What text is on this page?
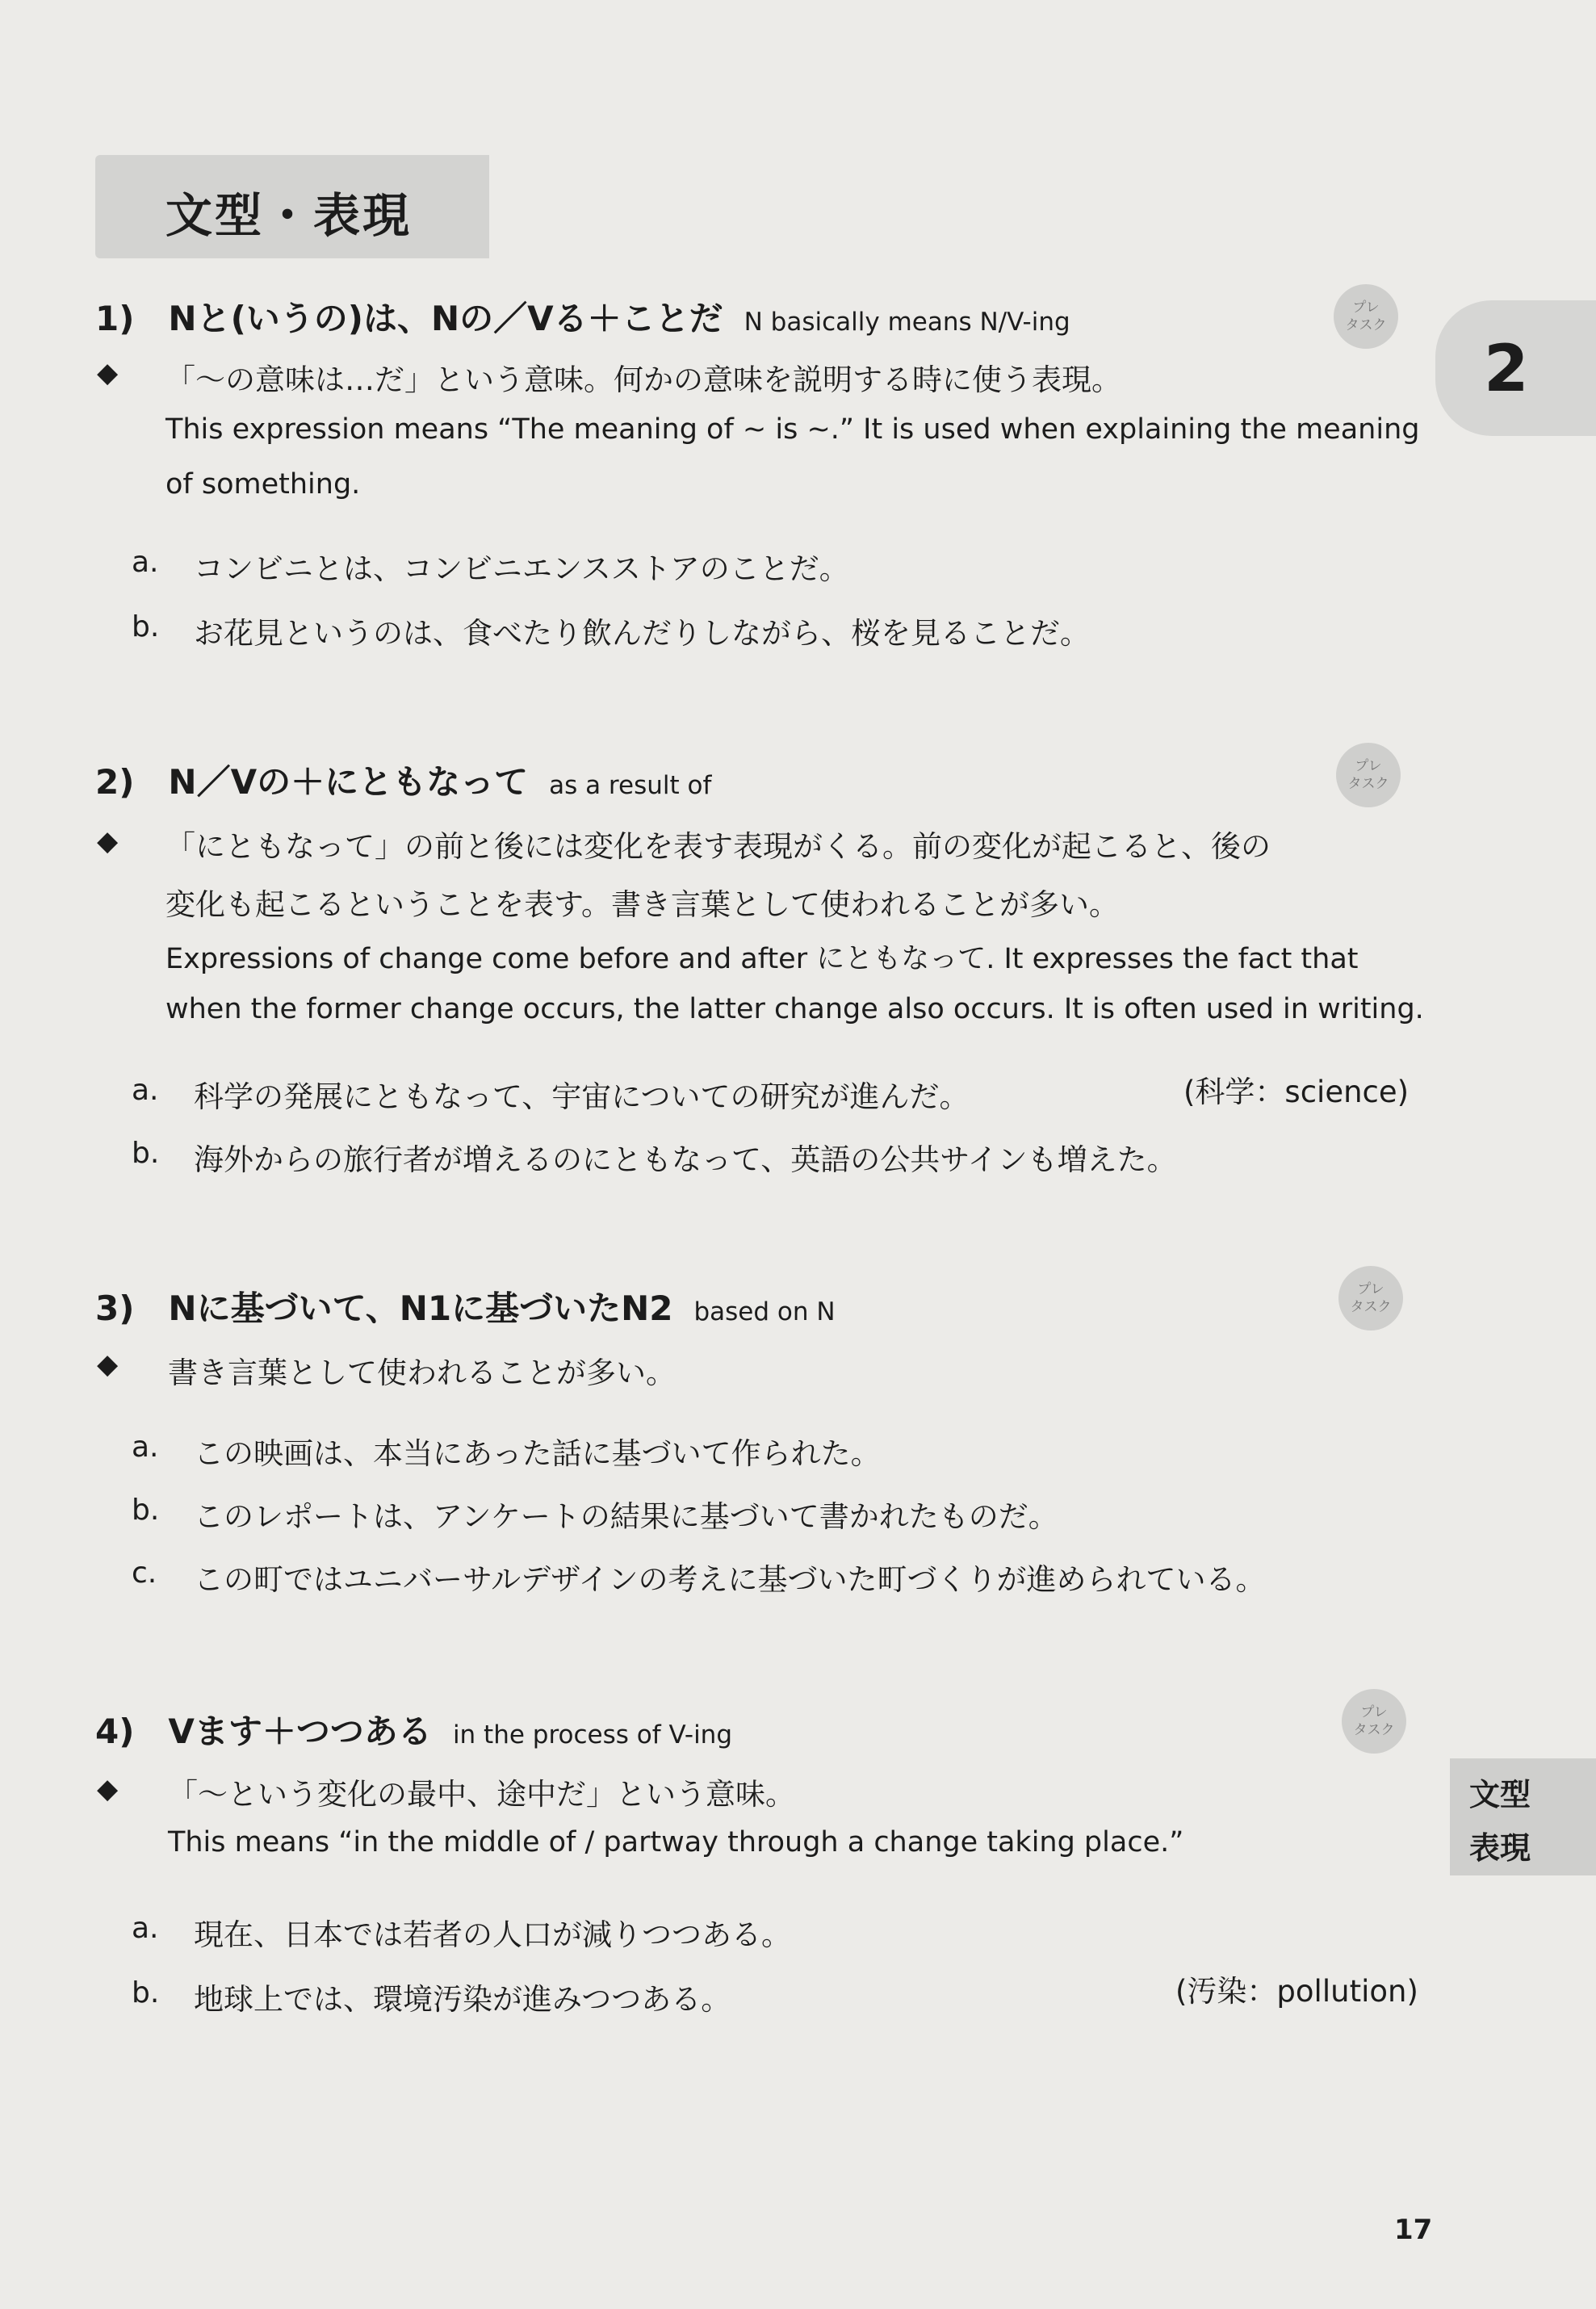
文型・表現
2
文型
表現
プレ
タスク
1)　Nと(いうの)は、Nの／Vる＋ことだ N basically means N/V-ing
◆ 「〜の意味は…だ」という意味。何かの意味を説明する時に使う表現。
This expression means “The meaning of ~ is ~.” It is used when explaining the meaning
of something.
a. コンビニとは、コンビニエンスストアのことだ。
b. お花見というのは、食べたり飲んだりしながら、桜を見ることだ。
プレ
タスク
2)　N／Vの＋にともなって as a result of
◆ 「にともなって」の前と後には変化を表す表現がくる。前の変化が起こると、後の
変化も起こるということを表す。書き言葉として使われることが多い。
Expressions of change come before and after にともなって. It expresses the fact that
when the former change occurs, the latter change also occurs. It is often used in writing.
a. 科学の発展にともなって、宇宙についての研究が進んだ。	(科学：science)
b. 海外からの旅行者が増えるのにともなって、英語の公共サインも増えた。
プレ
タスク
3)　Nに基づいて、N1に基づいたN2 based on N
◆ 書き言葉として使われることが多い。
a. この映画は、本当にあった話に基づいて作られた。
b. このレポートは、アンケートの結果に基づいて書かれたものだ。
c. この町ではユニバーサルデザインの考えに基づいた町づくりが進められている。
プレ
タスク
4)　Vます＋つつある in the process of V-ing
◆ 「〜という変化の最中、途中だ」という意味。
This means “in the middle of / partway through a change taking place.”
a. 現在、日本では若者の人口が減りつつある。
b. 地球上では、環境汚染が進みつつある。	(汚染：pollution)
17
